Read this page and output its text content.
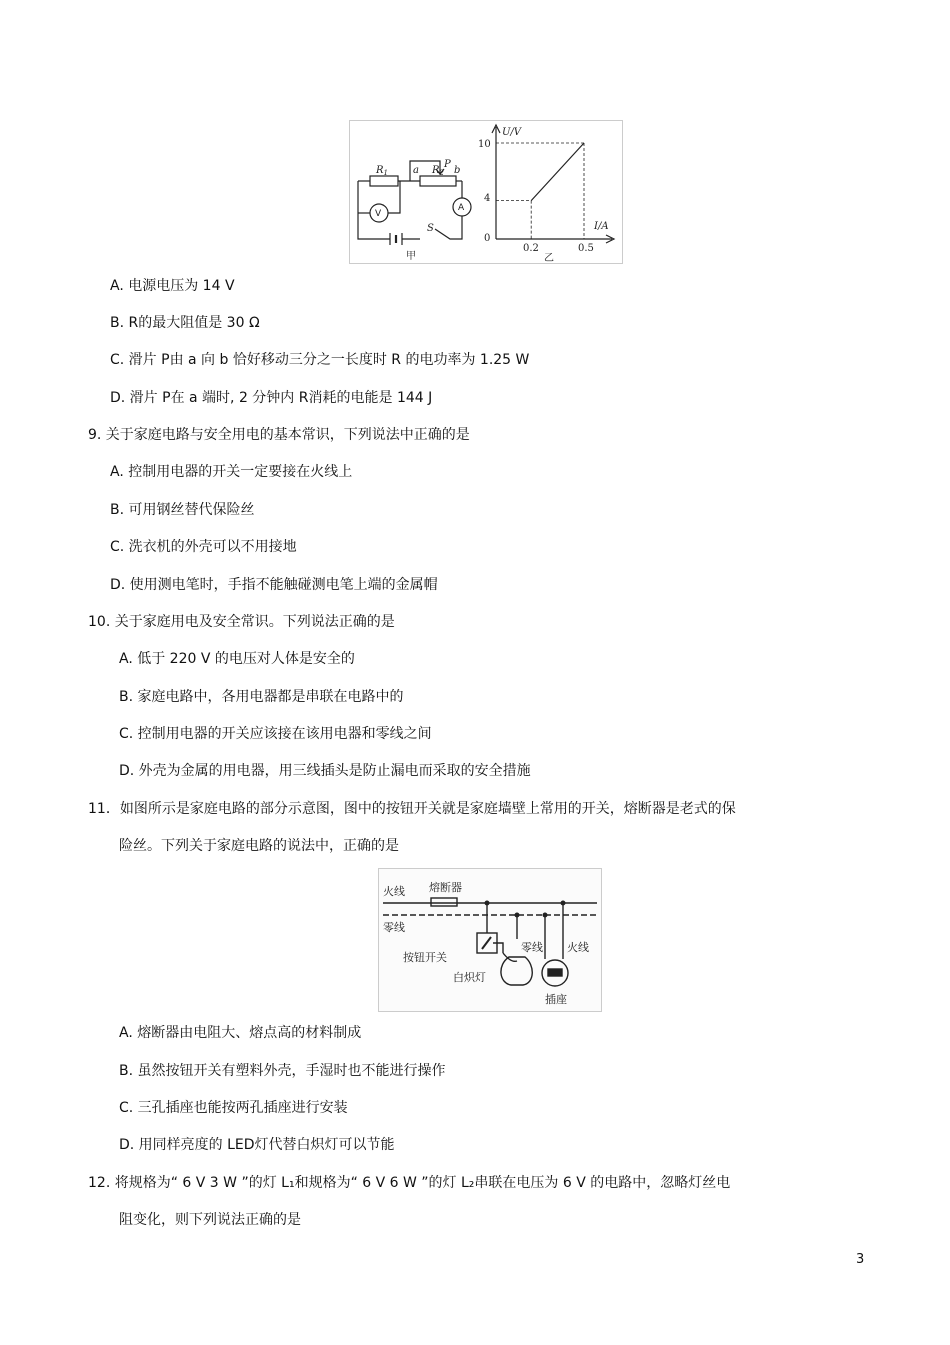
$R_1$	$R_2$
P
a	b
S
V
A
甲
U/V
I/A
10
4
0
0.2	0.5
乙
A. 电源电压为 14 V
B. R的最大阻值是 30 Ω
C. 滑片 P由 a 向 b 恰好移动三分之一长度时 R 的电功率为 1.25 W
D. 滑片 P在 a 端时, 2 分钟内 R消耗的电能是 144 J
9. 关于家庭电路与安全用电的基本常识，下列说法中正确的是
A. 控制用电器的开关一定要接在火线上
B. 可用钢丝替代保险丝
C. 洗衣机的外壳可以不用接地
D. 使用测电笔时，手指不能触碰测电笔上端的金属帽
10. 关于家庭用电及安全常识。下列说法正确的是
A. 低于 220 V 的电压对人体是安全的
B. 家庭电路中，各用电器都是串联在电路中的
C. 控制用电器的开关应该接在该用电器和零线之间
D. 外壳为金属的用电器，用三线插头是防止漏电而采取的安全措施
11．如图所示是家庭电路的部分示意图，图中的按钮开关就是家庭墙壁上常用的开关，熔断器是老式的保
险丝。下列关于家庭电路的说法中，正确的是
火线 熔断器
零线
按钮开关
白炽灯
零线 火线
插座
A. 熔断器由电阻大、熔点高的材料制成
B. 虽然按钮开关有塑料外壳，手湿时也不能进行操作
C. 三孔插座也能按两孔插座进行安装
D. 用同样亮度的 LED灯代替白炽灯可以节能
12. 将规格为“ 6 V 3 W ”的灯 L₁和规格为“ 6 V 6 W ”的灯 L₂串联在电压为 6 V 的电路中，忽略灯丝电
阻变化，则下列说法正确的是
3
